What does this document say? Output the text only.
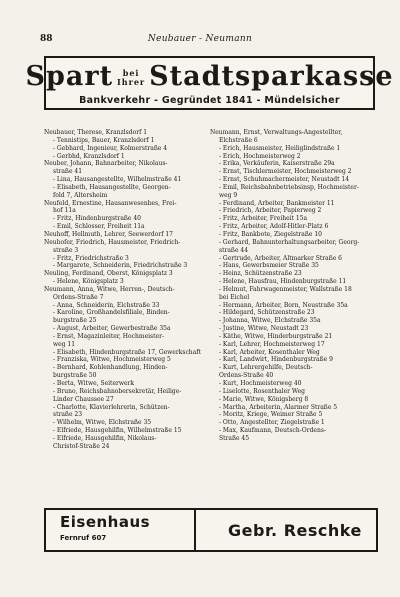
88	Neubauer - Neumann
Spart	bei
Ihrer Stadtsparkasse
Bankverkehr - Gegründet 1841 - Mündelsicher
Neubauer, Therese, Kranzlsdorf 1
- Tennistips, Bauer, Kranzlsdorf 1
- Gebhard, Ingenieur, Kolmerstraße 4
- Gerbhd, Kranzlsdorf 1
Neuber, Johann, Bahnarbeiter, Nikolaus-
straße 41
- Lina, Hausangestellte, Wilhelmstraße 41
- Elisabeth, Hausangestellte, Georgen-
fold 7, Altersheim
Neufeld, Ernestine, Hausanwesenbes, Frei-
hof 11a
- Fritz, Hindenburgstraße 40
- Emil, Schlosser, Freiheit 11a
Neuhoff, Hellmuth, Lehrer, Seewerdorf 17
Neuhofer, Friedrich, Hausmeister, Friedrich-
straße 3
- Fritz, Friedrichstraße 3
- Margarete, Schneiderin, Friedrichstraße 3
Neuling, Ferdinand, Oberst, Königsplatz 3
- Helene, Königsplatz 3
Neumann, Anna, Witwe, Herren-, Deutsch-
Ordens-Straße 7
- Anna, Schneiderin, Elchstraße 33
- Karoline, Großhandelsfiliale, Binden-
burgstraße 25
- August, Arbeiter, Gewerbestraße 35a
- Ernst, Magazinleiter, Hochmeister-
weg 11
- Elisabeth, Hindenburgstraße 17, Gewerkschaft
- Franziska, Witwe, Hochmeisterweg 5
- Bernhard, Kohlenhandlung, Hinden-
burgstraße 50
- Berta, Witwe, Seiterwerk
- Bruno, Reichsbahnobersekretär, Heilige-
Linder Chaussee 27
- Charlotte, Klavierlehrerin, Schützen-
straße 23
- Wilhelm, Witwe, Elchstraße 35
- Elfriede, Hausgehilfin, Wilhelmstraße 15
- Elfriede, Hausgehilfin, Nikolaus-
Christof-Straße 24
Neumann, Ernst, Verwaltungs-Angestellter,
Elchstraße 6
- Erich, Hausmeister, Heiliglindstraße 1
- Erich, Hochmeisterweg 2
- Erika, Verkäuferin, Kaiserstraße 29a
- Ernst, Tischlermeister, Hochmeisterweg 2
- Ernst, Schuhmachermeister, Neustadt 14
- Emil, Reichsbahnbetriebsinsp, Hochmeister-
weg 9
- Ferdinand, Arbeiter, Bankmeister 11
- Friedrich, Arbeiter, Papierweg 2
- Fritz, Arbeiter, Freiheit 15a
- Fritz, Arbeiter, Adolf-Hitler-Platz 6
- Fritz, Bankbote, Ziegelstraße 10
- Gerhard, Bahnunterhaltungsarbeiter, Georg-
straße 44
- Gertrude, Arbeiter, Altmarker Straße 6
- Hans, Gewerbsmeier Straße 35
- Heinz, Schützenstraße 23
- Helene, Hausfrau, Hindenburgstraße 11
- Helmut, Fahrwagenmeister, Wallstraße 18
bei Eichel
- Hermann, Arbeiter, Born, Neustraße 35a
- Hildegard, Schützenstraße 23
- Johanna, Witwe, Elchstraße 35a
- Justine, Witwe, Neustadt 23
- Käthe, Witwe, Hinderburgstraße 21
- Karl, Lehrer, Hochmeisterweg 17
- Karl, Arbeiter, Kosenthaler Weg
- Karl, Landwirt, Hindenburgstraße 9
- Kurt, Lehrergehilfe, Deutsch-
Ordens-Straße 40
- Kurt, Hochmeisterweg 40
- Liselotte, Rosenthaler Weg
- Marie, Witwe, Königsberg 8
- Martha, Arbeiterin, Alarmer Straße 5
- Moritz, Kriege, Weimer Straße 5
- Otto, Angestellter, Ziegelstraße 1
- Max, Kaufmann, Deutsch-Ordens-
Straße 45
Eisenhaus
Fernruf 607	Gebr. Reschke
